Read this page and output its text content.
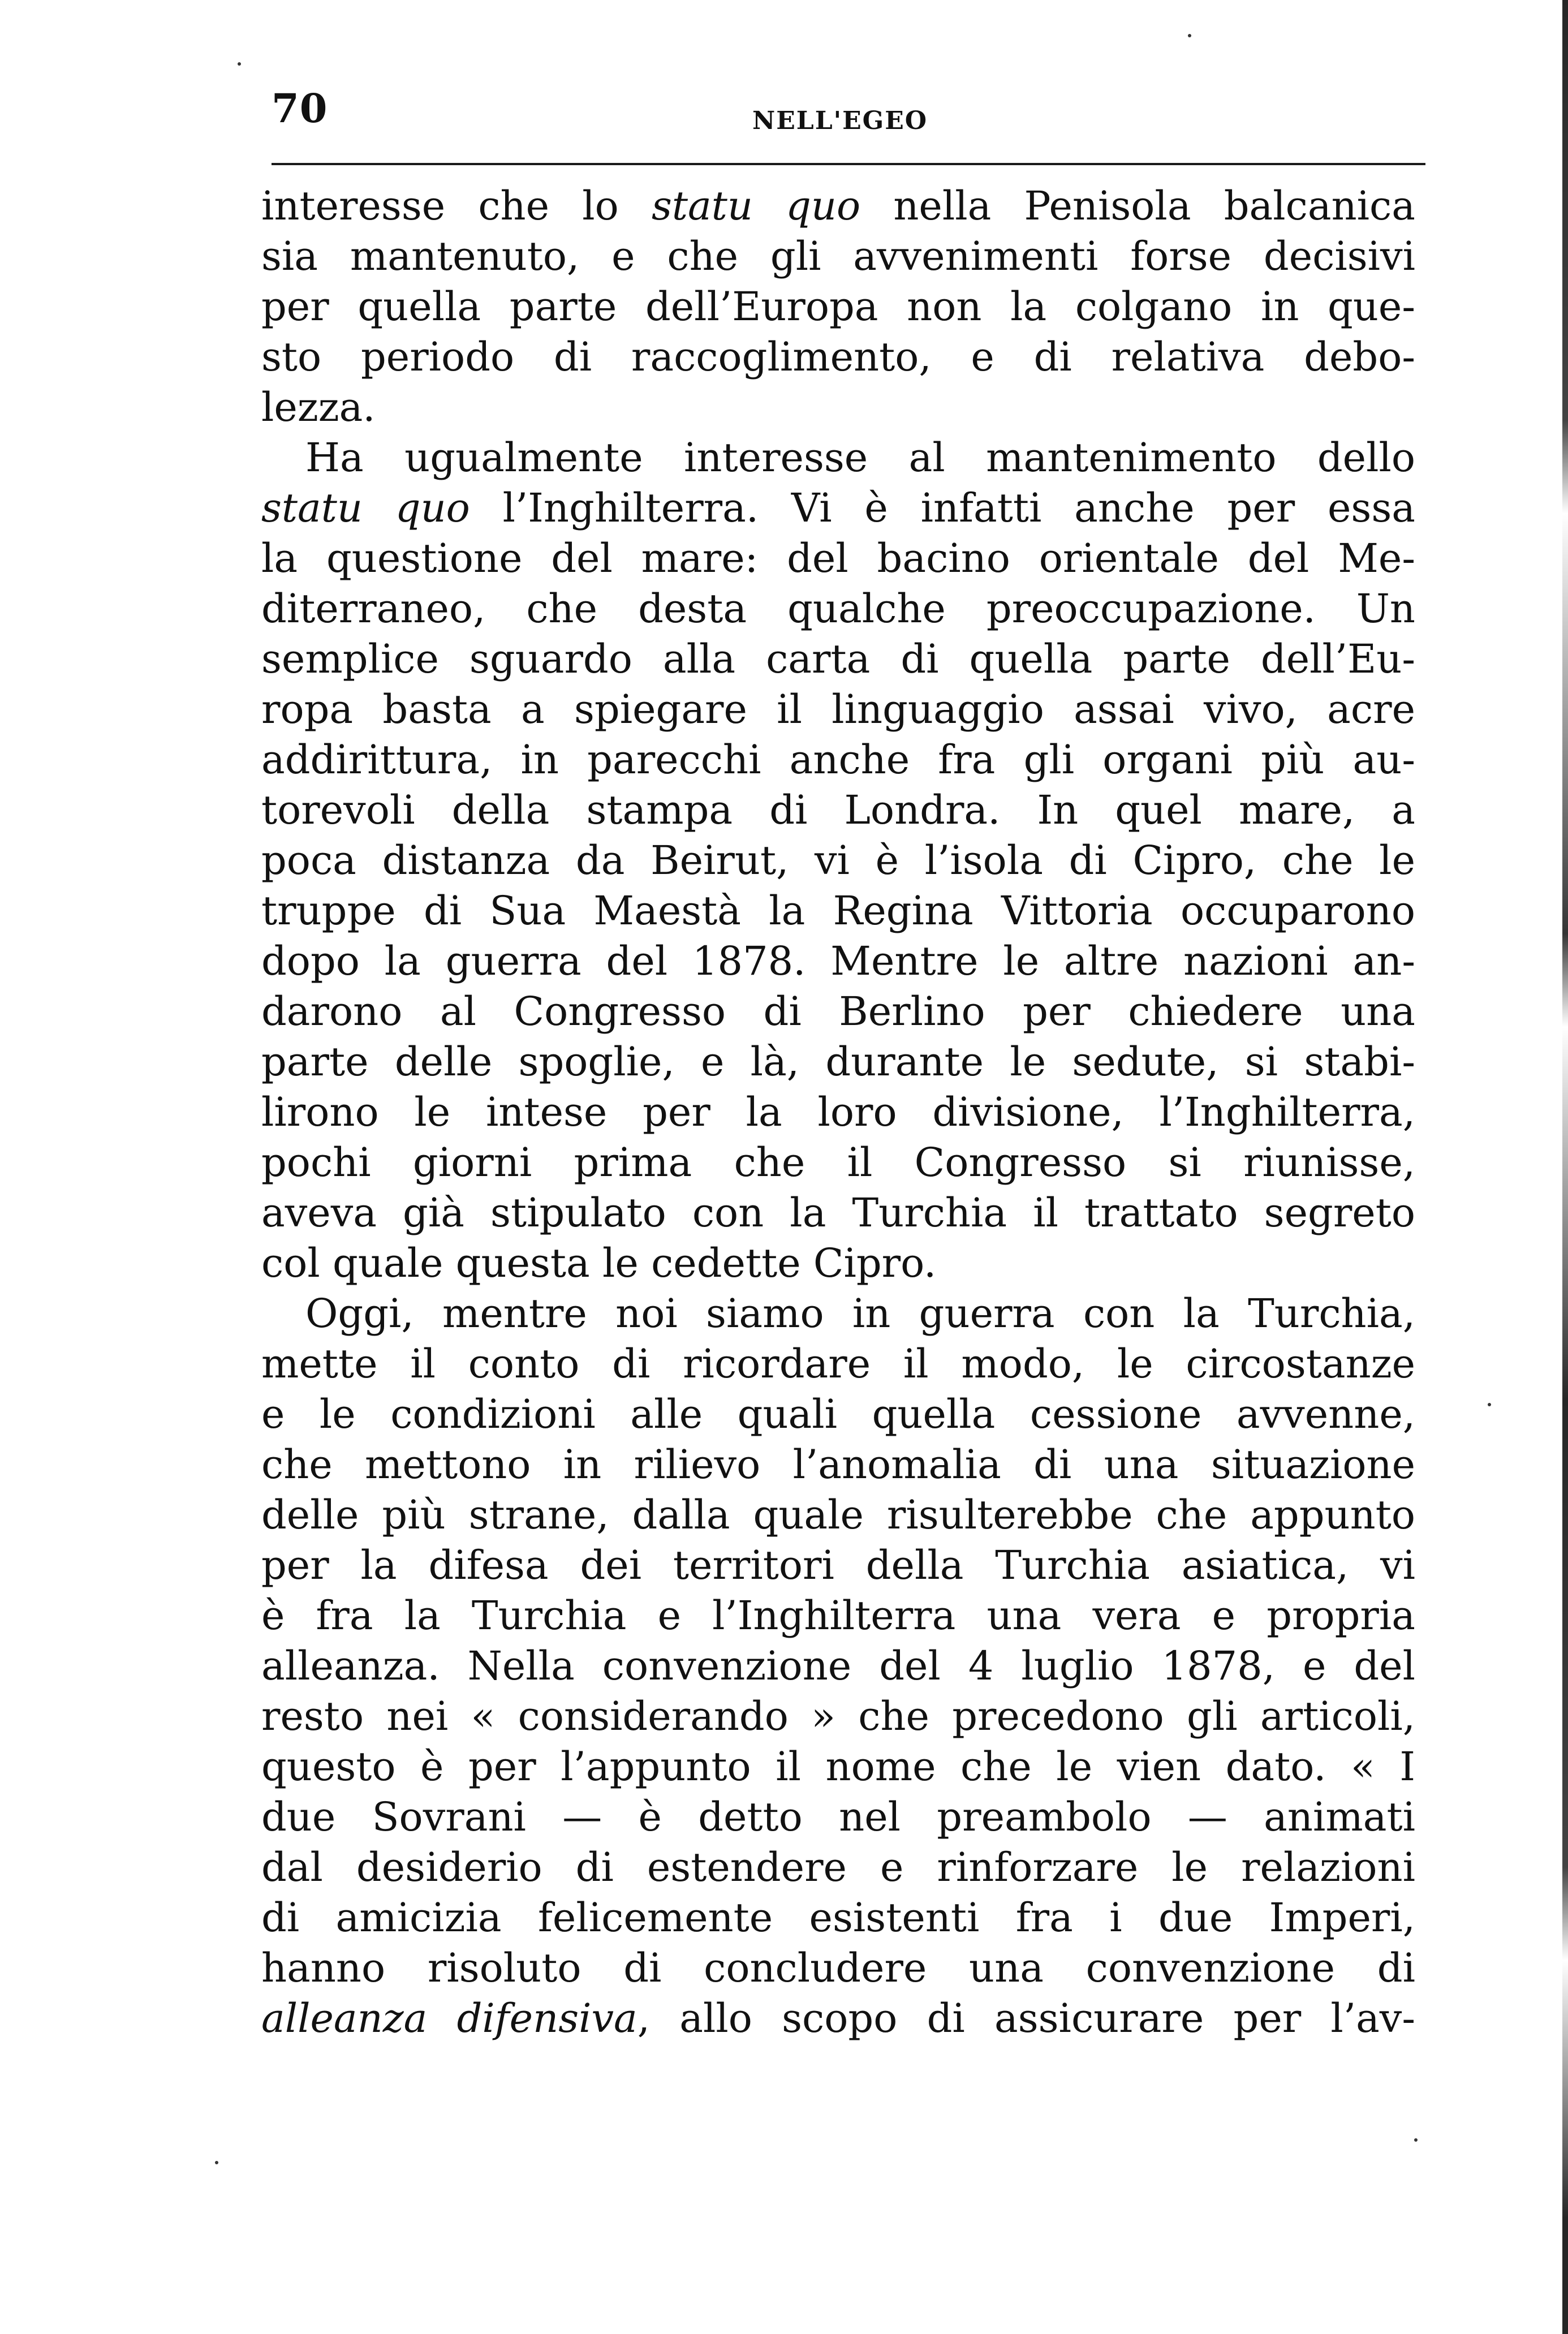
70	NELL'EGEO
interesse che lo statu quo nella Penisola balcanica
sia mantenuto, e che gli avvenimenti forse decisivi
per quella parte dell’Europa non la colgano in que-
sto periodo di raccoglimento, e di relativa debo-
lezza.
Ha ugualmente interesse al mantenimento dello
statu quo l’Inghilterra. Vi è infatti anche per essa
la questione del mare: del bacino orientale del Me-
diterraneo, che desta qualche preoccupazione. Un
semplice sguardo alla carta di quella parte dell’Eu-
ropa basta a spiegare il linguaggio assai vivo, acre
addirittura, in parecchi anche fra gli organi più au-
torevoli della stampa di Londra. In quel mare, a
poca distanza da Beirut, vi è l’isola di Cipro, che le
truppe di Sua Maestà la Regina Vittoria occuparono
dopo la guerra del 1878. Mentre le altre nazioni an-
darono al Congresso di Berlino per chiedere una
parte delle spoglie, e là, durante le sedute, si stabi-
lirono le intese per la loro divisione, l’Inghilterra,
pochi giorni prima che il Congresso si riunisse,
aveva già stipulato con la Turchia il trattato segreto
col quale questa le cedette Cipro.
Oggi, mentre noi siamo in guerra con la Turchia,
mette il conto di ricordare il modo, le circostanze
e le condizioni alle quali quella cessione avvenne,
che mettono in rilievo l’anomalia di una situazione
delle più strane, dalla quale risulterebbe che appunto
per la difesa dei territori della Turchia asiatica, vi
è fra la Turchia e l’Inghilterra una vera e propria
alleanza. Nella convenzione del 4 luglio 1878, e del
resto nei « considerando » che precedono gli articoli,
questo è per l’appunto il nome che le vien dato. « I
due Sovrani — è detto nel preambolo — animati
dal desiderio di estendere e rinforzare le relazioni
di amicizia felicemente esistenti fra i due Imperi,
hanno risoluto di concludere una convenzione di
alleanza difensiva, allo scopo di assicurare per l’av-
